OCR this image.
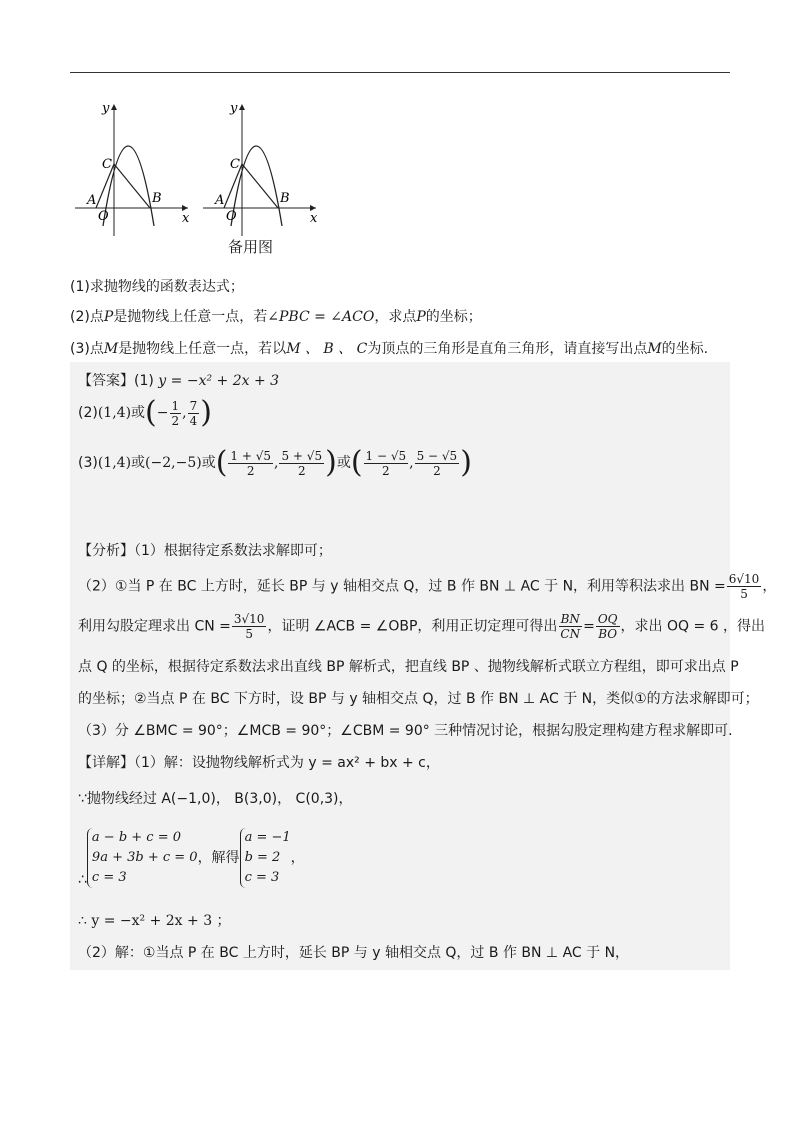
y
C
A
O
B
x
y
C
A
O
B
x
备用图
(1)求抛物线的函数表达式；
(2)点P是抛物线上任意一点，若∠PBC = ∠ACO，求点P的坐标；
(3)点M是抛物线上任意一点，若以M 、 B 、 C为顶点的三角形是直角三角形，请直接写出点M的坐标.
【答案】(1) y = −x² + 2x + 3
(2)(1,4)或(− $\frac{1}{2}$ , $\frac{7}{4}$ )
(3)(1,4)或(−2,−5)或( $\frac{1 + √5}{2}$ , $\frac{5 + √5}{2}$ )或( $\frac{1 - √5}{2}$ , $\frac{5 - √5}{2}$ )
【分析】（1）根据待定系数法求解即可；
（2）①当 P 在 BC 上方时，延长 BP 与 y 轴相交点 Q，过 B 作 BN ⊥ AC 于 N，利用等积法求出 BN = $\frac{6√10}{5}$ ，
利用勾股定理求出 CN = $\frac{3√10}{5}$ ，证明 ∠ACB = ∠OBP，利用正切定理可得出 $\frac{BN}{CN} = \frac{OQ}{BO}$ ，求出 OQ = 6 ，得出
点 Q 的坐标，根据待定系数法求出直线 BP 解析式，把直线 BP 、抛物线解析式联立方程组，即可求出点 P
的坐标；②当点 P 在 BC 下方时，设 BP 与 y 轴相交点 Q，过 B 作 BN ⊥ AC 于 N，类似①的方法求解即可；
（3）分 ∠BMC = 90°；∠MCB = 90°；∠CBM = 90° 三种情况讨论，根据勾股定理构建方程求解即可.
【详解】（1）解：设抛物线解析式为 y = ax² + bx + c，
∵抛物线经过 A(−1,0)， B(3,0)， C(0,3)，
∴
a − b + c = 0
9a + 3b + c = 0
c = 3
，解得
a = −1
b = 2
c = 3
，
∴ y = −x² + 2x + 3 ；
（2）解：①当点 P 在 BC 上方时，延长 BP 与 y 轴相交点 Q，过 B 作 BN ⊥ AC 于 N，
